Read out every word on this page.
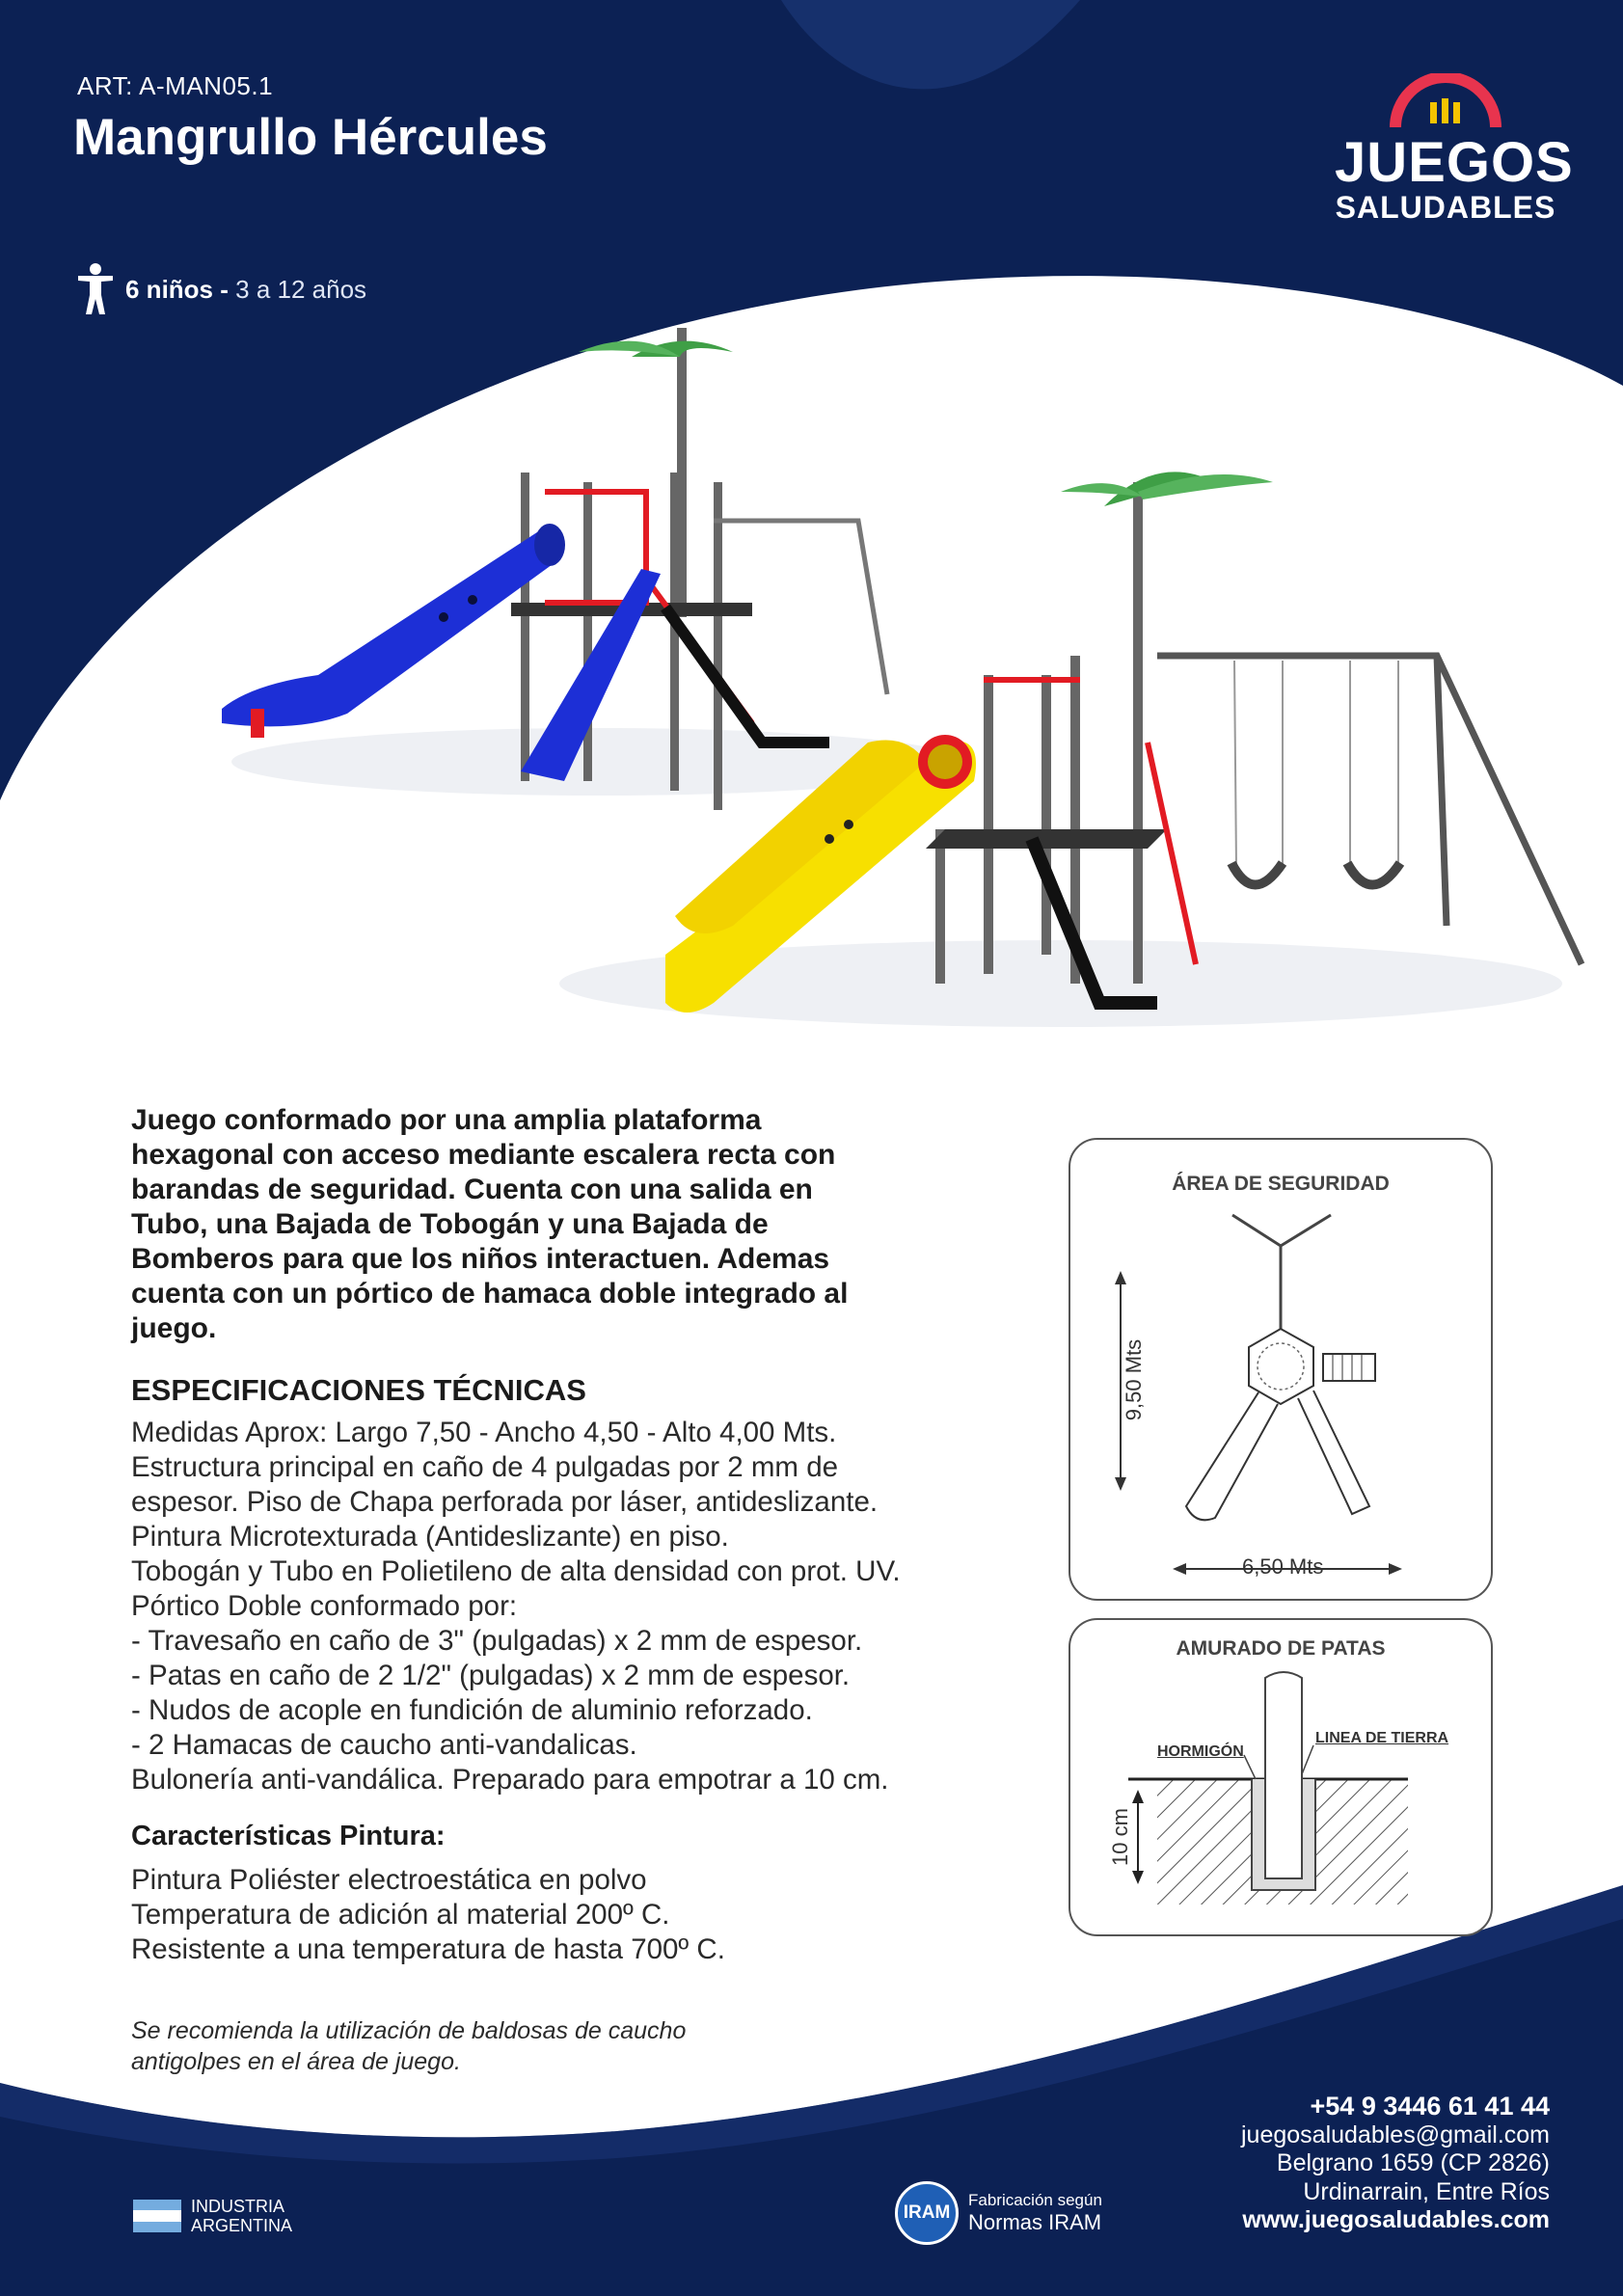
ART: A-MAN05.1
Mangrullo Hércules
6 niños -
3 a 12 años
JUEGOS
SALUDABLES

Juego conformado por una amplia plataforma hexagonal con acceso mediante escalera recta con barandas de seguridad. Cuenta con una salida en Tubo, una Bajada de Tobogán y una Bajada de Bomberos para que los niños interactuen. Ademas cuenta con un pórtico de hamaca doble integrado al juego.

ESPECIFICACIONES TÉCNICAS
Medidas Aprox: Largo 7,50 - Ancho 4,50 - Alto 4,00 Mts.
Estructura principal en caño de 4 pulgadas por 2 mm de
espesor. Piso de Chapa perforada por láser, antideslizante.
Pintura Microtexturada (Antideslizante) en piso.
Tobogán y Tubo en Polietileno de alta densidad con prot. UV.
Pórtico Doble conformado por:
- Travesaño en caño de 3" (pulgadas) x 2 mm de espesor.
- Patas en caño de 2 1/2" (pulgadas) x 2 mm de espesor.
- Nudos de acople en fundición de aluminio reforzado.
- 2 Hamacas de caucho anti-vandalicas.
Bulonería anti-vandálica. Preparado para empotrar a 10 cm.
Características Pintura:
Pintura Poliéster electroestática en polvo
Temperatura de adición al material 200º C.
Resistente a una temperatura de hasta 700º C.

Se recomienda la utilización de baldosas de caucho antigolpes en el área de juego.

ÁREA DE SEGURIDAD
9,50 Mts
6,50 Mts
AMURADO DE PATAS
HORMIGÓN
LINEA DE TIERRA
10 cm
+54 9 3446 61 41 44
juegosaludables@gmail.com
Belgrano 1659 (CP 2826)
Urdinarrain, Entre Ríos
www.juegosaludables.com
INDUSTRIA
ARGENTINA
IRAM
Fabricación según
Normas IRAM
